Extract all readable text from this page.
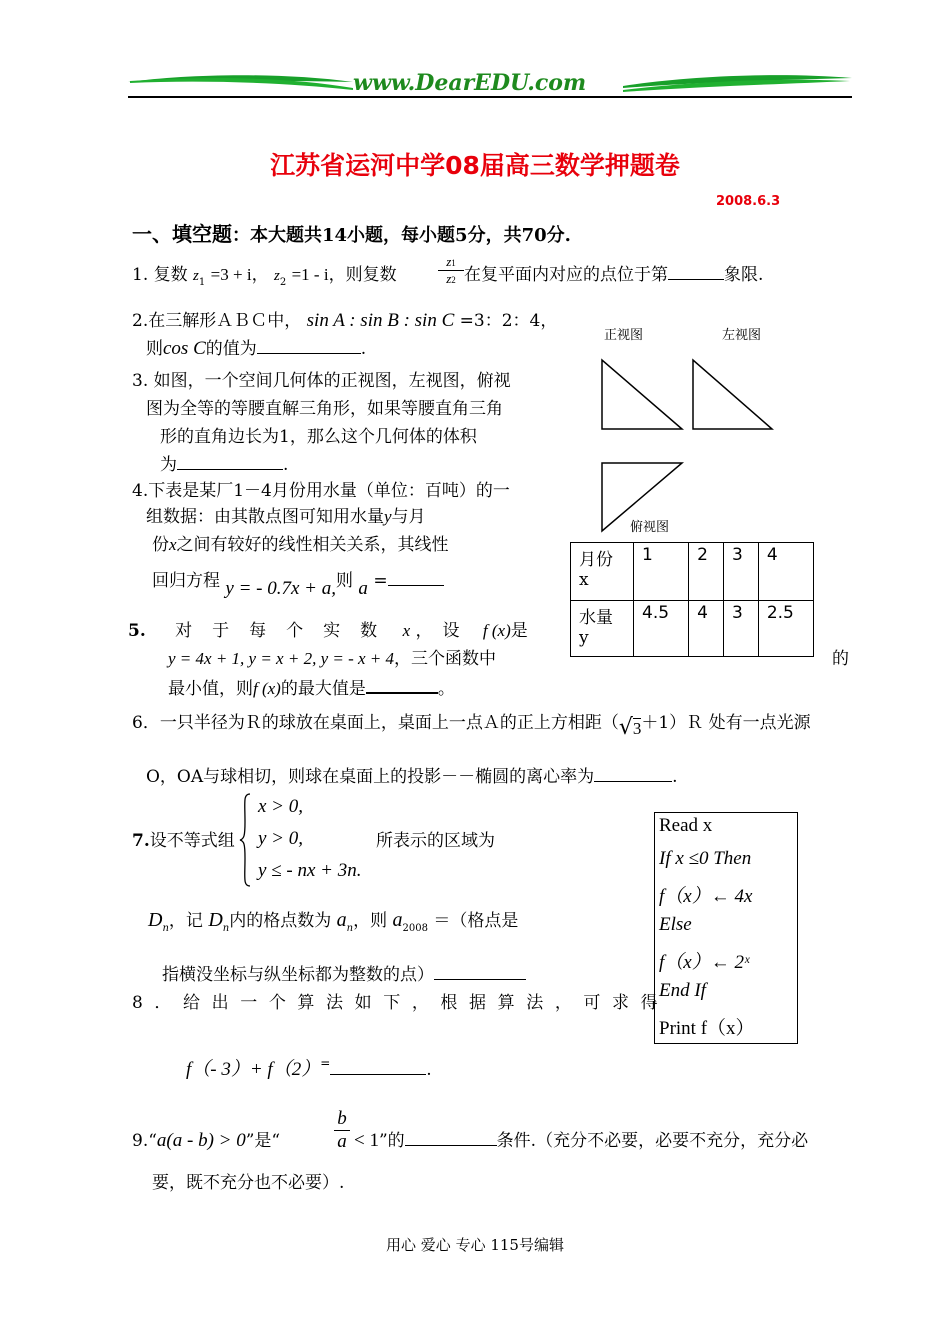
www.DearEDU.com
江苏省运河中学08届高三数学押题卷
2008.6.3
一、填空题：本大题共14小题，每小题5分，共70分.
1. 复数 $z_1 =3 + i$， $z_2 =1 - i$，则复数
z1
z2 在复平面内对应的点位于第	象限.
2.在三解形ＡＢＣ中， sin A : sin B : sin C =3：2：4，
则cos C的值为	.
3. 如图，一个空间几何体的正视图，左视图，俯视
图为全等的等腰直解三角形，如果等腰直角三角
形的直角边长为1，那么这个几何体的体积
为	.
正视图	左视图
俯视图
4.下表是某厂1－4月份用水量（单位：百吨）的一
组数据：由其散点图可知用水量y与月
份x之间有较好的线性相关关系，其线性
回归方程 y = - 0.7x + a,则 a =
月份
x	1	2	3	4
水量
y	4.5	4	3	2.5
5. 对于每个实数 x ，设 f (x)是
y = 4x + 1, y = x + 2, y = - x + 4，三个函数中	的
最小值，则f (x)的最大值是	。
6．一只半径为Ｒ的球放在桌面上，桌面上一点Ａ的正上方相距（√3＋1）Ｒ 处有一点光源
O，OA与球相切，则球在桌面上的投影－－椭圆的离心率为	.
7.设不等式组
x > 0,
y > 0,
y ≤ - nx + 3n.
所表示的区域为
$D_n$，记 $D_n$内的格点数为 $a_n$，则 $a_{2008}$ ＝（格点是
指横没坐标与纵坐标都为整数的点）
Read x
If x ≤0 Then
f（x）← 4x
Else
f（x）← 2ˣ
End If
Print f（x）
8．给出一个算法如下，根据算法，可求得
f（- 3）+ f（2）=	.
9.“a(a - b) > 0”是“
b
a < 1”的	条件.（充分不必要，必要不充分，充分必
要，既不充分也不必要）.
用心 爱心 专心 115号编辑
